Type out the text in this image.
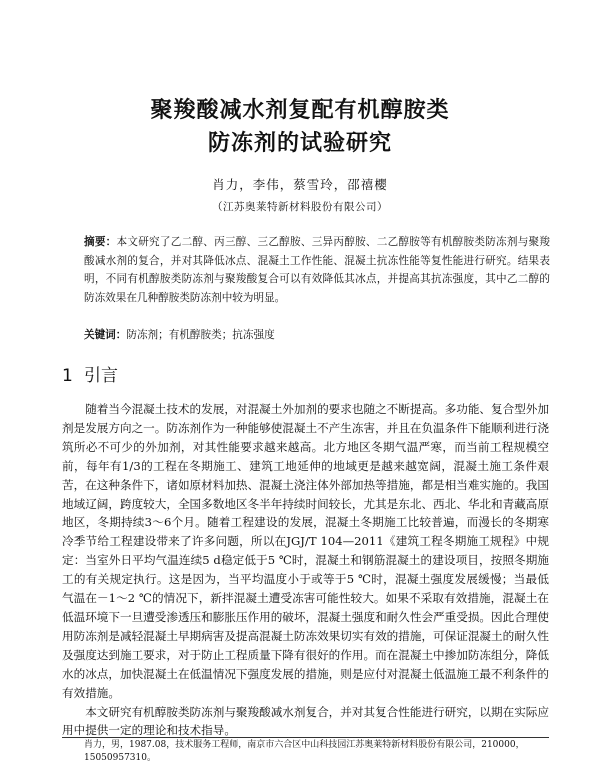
聚羧酸减水剂复配有机醇胺类
防冻剂的试验研究
肖力，李伟，蔡雪玲，邵禧櫻
（江苏奥莱特新材料股份有限公司）
摘要：本文研究了乙二醇、丙三醇、三乙醇胺、三异丙醇胺、二乙醇胺等有机醇胺类防冻剂与聚羧酸减水剂的复合，并对其降低冰点、混凝土工作性能、混凝土抗冻性能等复性能进行研究。结果表明，不同有机醇胺类防冻剂与聚羧酸复合可以有效降低其冰点，并提高其抗冻强度，其中乙二醇的防冻效果在几种醇胺类防冻剂中较为明显。
关键词：防冻剂；有机醇胺类；抗冻强度
1 引言

随着当今混凝土技术的发展，对混凝土外加剂的要求也随之不断提高。多功能、复合型外加剂是发展方向之一。防冻剂作为一种能够使混凝土不产生冻害，并且在负温条件下能顺利进行浇筑所必不可少的外加剂，对其性能要求越来越高。北方地区冬期气温严寒，而当前工程规模空前，每年有1/3的工程在冬期施工、建筑工地延伸的地域更是越来越宽阔，混凝土施工条件艰苦，在这种条件下，诸如原材料加热、混凝土浇注体外部加热等措施，都是相当难实施的。我国地域辽阔，跨度较大，全国多数地区冬半年持续时间较长，尤其是东北、西北、华北和青藏高原地区，冬期持续3～6个月。随着工程建设的发展，混凝土冬期施工比较普遍，而漫长的冬期寒冷季节给工程建设带来了许多问题，所以在JGJ/T 104—2011《建筑工程冬期施工规程》中规定：当室外日平均气温连续5 d稳定低于5 ℃时，混凝土和钢筋混凝土的建设项目，按照冬期施工的有关规定执行。这是因为，当平均温度小于或等于5 ℃时，混凝土强度发展缓慢；当最低气温在－1～2 ℃的情况下，新拌混凝土遭受冻害可能性较大。如果不采取有效措施，混凝土在低温环境下一旦遭受渗透压和膨胀压作用的破坏，混凝土强度和耐久性会严重受损。因此合理使用防冻剂是减轻混凝土早期病害及提高混凝土防冻效果切实有效的措施，可保证混凝土的耐久性及强度达到施工要求，对于防止工程质量下降有很好的作用。而在混凝土中掺加防冻组分，降低水的冰点，加快混凝土在低温情况下强度发展的措施，则是应付对混凝土低温施工最不利条件的有效措施。

本文研究有机醇胺类防冻剂与聚羧酸减水剂复合，并对其复合性能进行研究，以期在实际应用中提供一定的理论和技术指导。

肖力，男，1987.08，技术服务工程师，南京市六合区中山科技园江苏奥莱特新材料股份有限公司，210000，15050957310。
